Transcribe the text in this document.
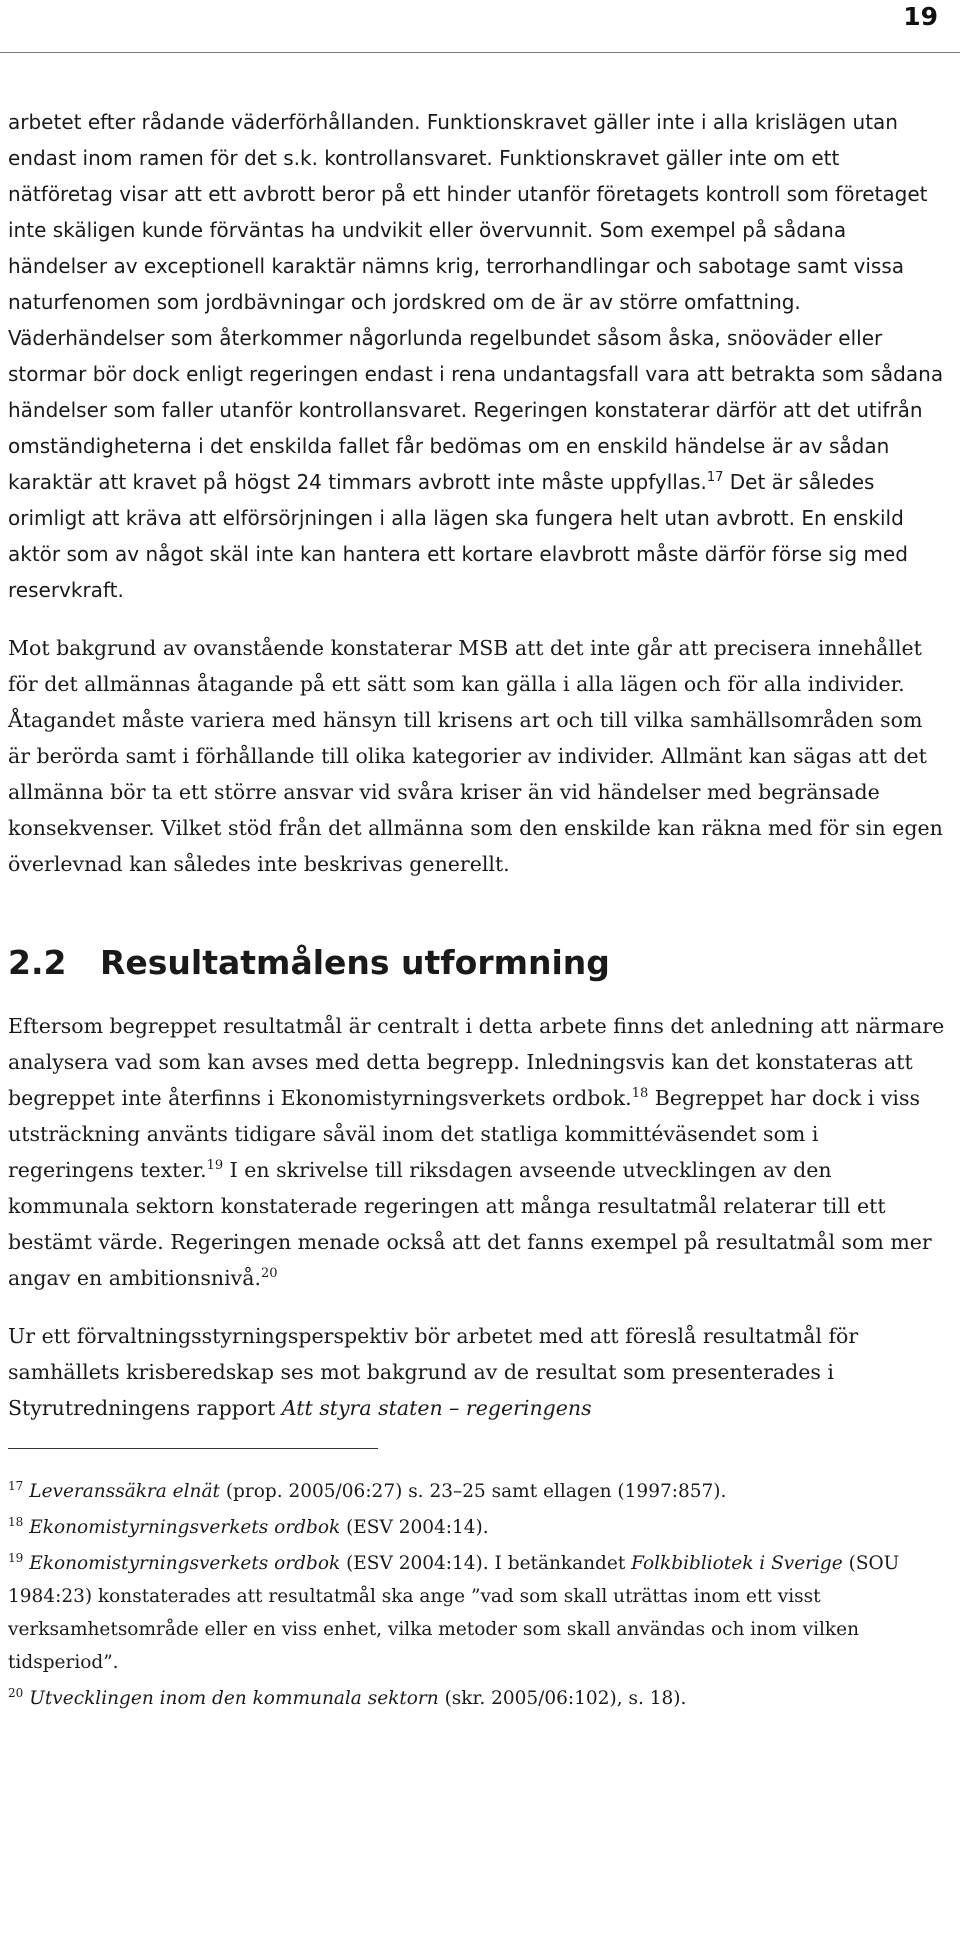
19

arbetet efter rådande väderförhållanden. Funktionskravet gäller inte i alla krislägen utan endast inom ramen för det s.k. kontrollansvaret. Funktionskravet gäller inte om ett nätföretag visar att ett avbrott beror på ett hinder utanför företagets kontroll som företaget inte skäligen kunde förväntas ha undvikit eller övervunnit. Som exempel på sådana händelser av exceptionell karaktär nämns krig, terrorhandlingar och sabotage samt vissa naturfenomen som jordbävningar och jordskred om de är av större omfattning. Väderhändelser som återkommer någorlunda regelbundet såsom åska, snöoväder eller stormar bör dock enligt regeringen endast i rena undantagsfall vara att betrakta som sådana händelser som faller utanför kontrollansvaret. Regeringen konstaterar därför att det utifrån omständigheterna i det enskilda fallet får bedömas om en enskild händelse är av sådan karaktär att kravet på högst 24 timmars avbrott inte måste uppfyllas.$^{17}$ Det är således orimligt att kräva att elförsörjningen i alla lägen ska fungera helt utan avbrott. En enskild aktör som av något skäl inte kan hantera ett kortare elavbrott måste därför förse sig med reservkraft.

Mot bakgrund av ovanstående konstaterar MSB att det inte går att precisera innehållet för det allmännas åtagande på ett sätt som kan gälla i alla lägen och för alla individer. Åtagandet måste variera med hänsyn till krisens art och till vilka samhällsområden som är berörda samt i förhållande till olika kategorier av individer. Allmänt kan sägas att det allmänna bör ta ett större ansvar vid svåra kriser än vid händelser med begränsade konsekvenser. Vilket stöd från det allmänna som den enskilde kan räkna med för sin egen överlevnad kan således inte beskrivas generellt.

2.2 Resultatmålens utformning

Eftersom begreppet resultatmål är centralt i detta arbete finns det anledning att närmare analysera vad som kan avses med detta begrepp. Inledningsvis kan det konstateras att begreppet inte återfinns i Ekonomistyrningsverkets ordbok.$^{18}$ Begreppet har dock i viss utsträckning använts tidigare såväl inom det statliga kommittéväsendet som i regeringens texter.$^{19}$ I en skrivelse till riksdagen avseende utvecklingen av den kommunala sektorn konstaterade regeringen att många resultatmål relaterar till ett bestämt värde. Regeringen menade också att det fanns exempel på resultatmål som mer angav en ambitionsnivå.$^{20}$

Ur ett förvaltningsstyrningsperspektiv bör arbetet med att föreslå resultatmål för samhällets krisberedskap ses mot bakgrund av de resultat som presenterades i Styrutredningens rapport Att styra staten – regeringens

$^{17}$ Leveranssäkra elnät (prop. 2005/06:27) s. 23–25 samt ellagen (1997:857).
$^{18}$ Ekonomistyrningsverkets ordbok (ESV 2004:14).
$^{19}$ Ekonomistyrningsverkets ordbok (ESV 2004:14). I betänkandet Folkbibliotek i Sverige (SOU 1984:23) konstaterades att resultatmål ska ange ”vad som skall uträttas inom ett visst verksamhetsområde eller en viss enhet, vilka metoder som skall användas och inom vilken tidsperiod”.
$^{20}$ Utvecklingen inom den kommunala sektorn (skr. 2005/06:102), s. 18).
